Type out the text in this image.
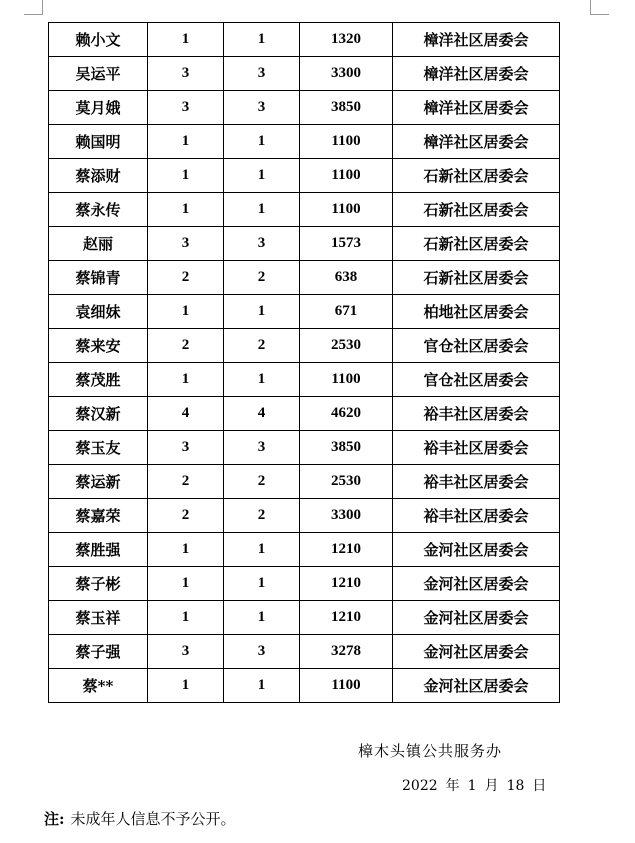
赖小文	1	1	1320	樟洋社区居委会
吴运平	3	3	3300	樟洋社区居委会
莫月娥	3	3	3850	樟洋社区居委会
赖国明	1	1	1100	樟洋社区居委会
蔡添财	1	1	1100	石新社区居委会
蔡永传	1	1	1100	石新社区居委会
赵丽	3	3	1573	石新社区居委会
蔡锦青	2	2	638	石新社区居委会
袁细妹	1	1	671	柏地社区居委会
蔡来安	2	2	2530	官仓社区居委会
蔡茂胜	1	1	1100	官仓社区居委会
蔡汉新	4	4	4620	裕丰社区居委会
蔡玉友	3	3	3850	裕丰社区居委会
蔡运新	2	2	2530	裕丰社区居委会
蔡嘉荣	2	2	3300	裕丰社区居委会
蔡胜强	1	1	1210	金河社区居委会
蔡子彬	1	1	1210	金河社区居委会
蔡玉祥	1	1	1210	金河社区居委会
蔡子强	3	3	3278	金河社区居委会
蔡**	1	1	1100	金河社区居委会
樟木头镇公共服务办
2022 年 1 月 18 日
注: 未成年人信息不予公开。
